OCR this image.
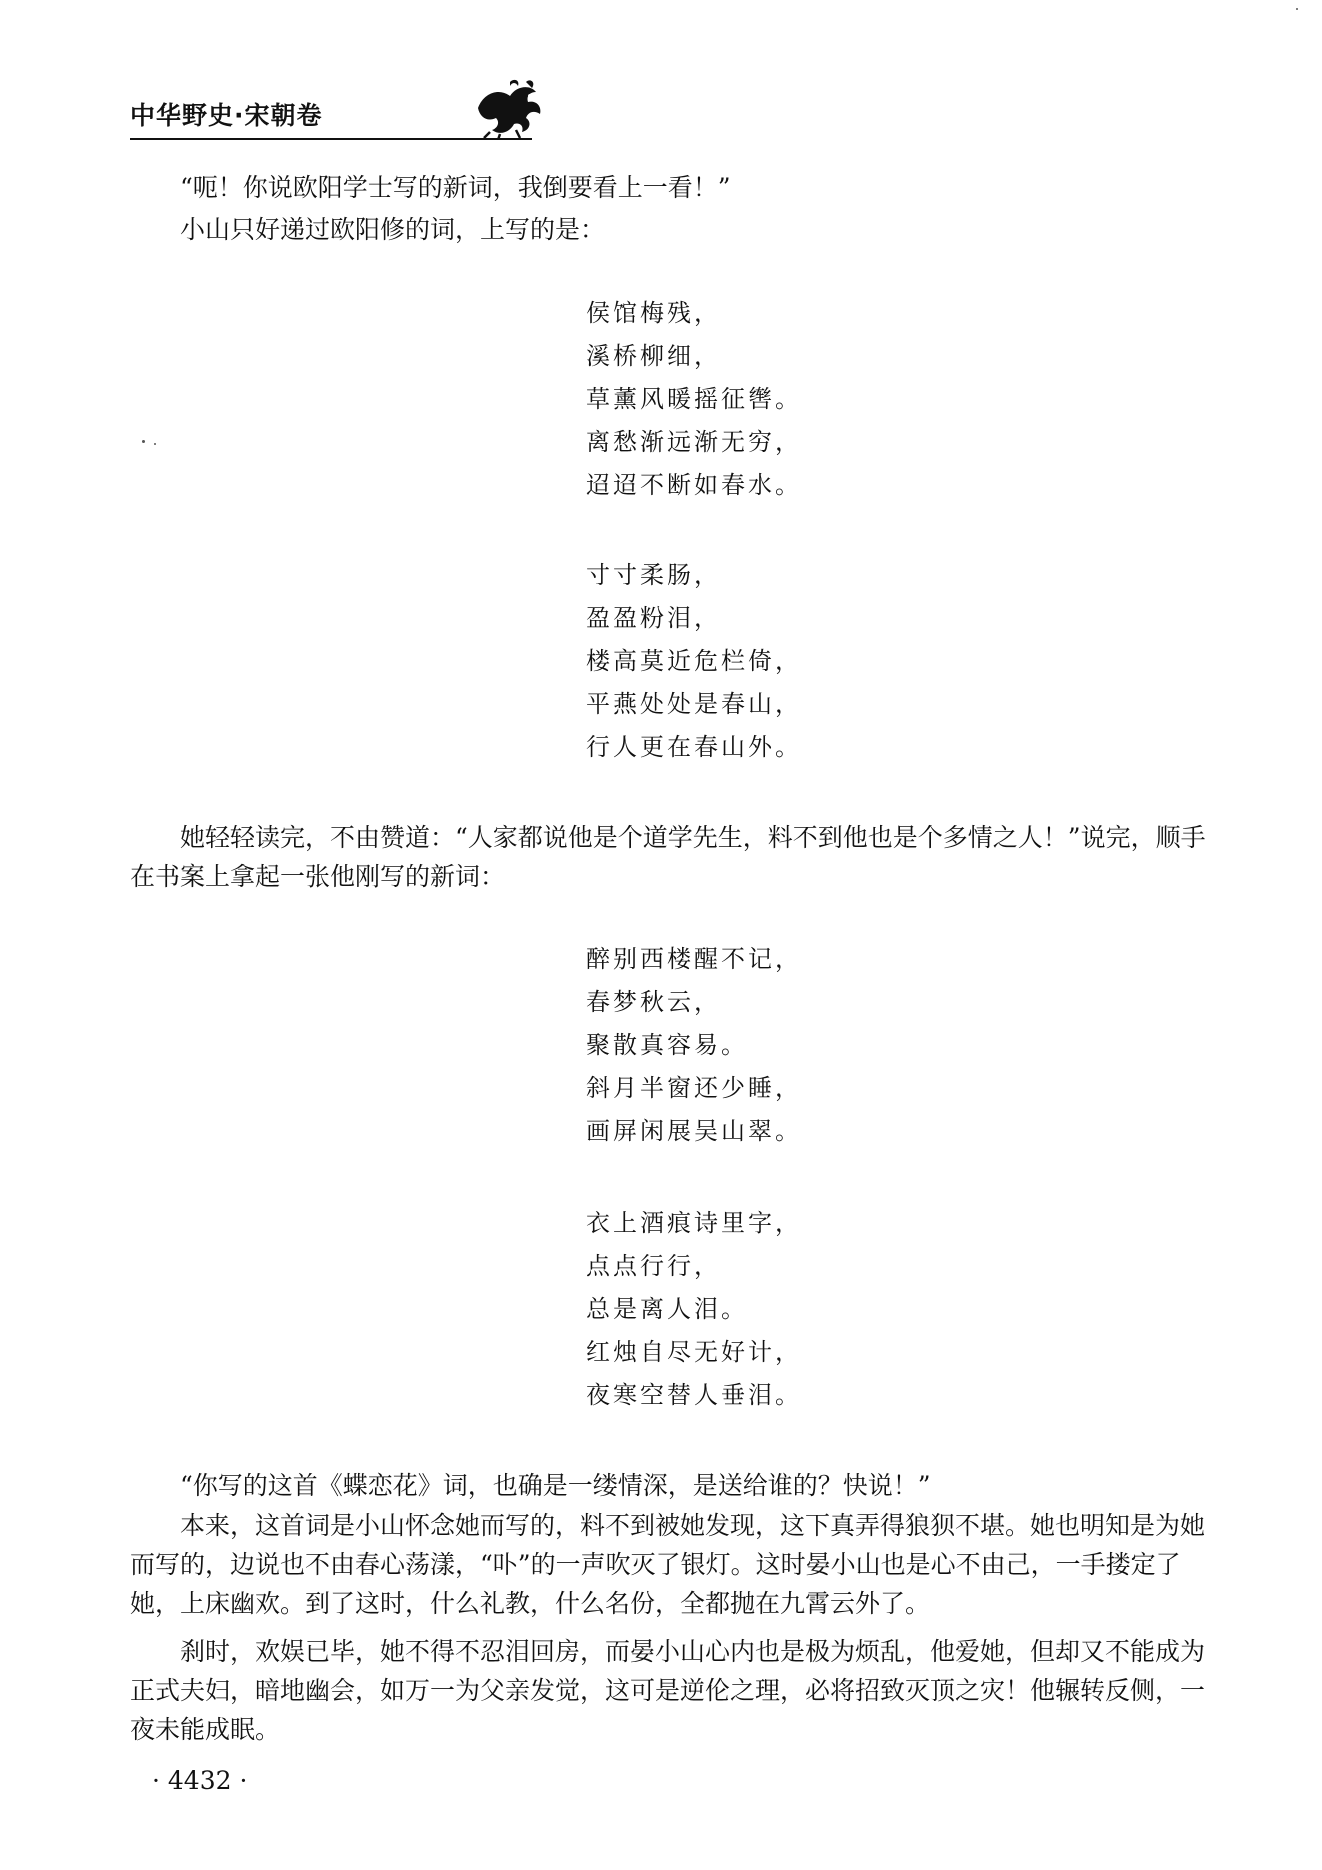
中华野史·宋朝卷

“呃！你说欧阳学士写的新词，我倒要看上一看！”

小山只好递过欧阳修的词，上写的是：

侯馆梅残，
溪桥柳细，
草薰风暖摇征辔。
离愁渐远渐无穷，
迢迢不断如春水。
寸寸柔肠，
盈盈粉泪，
楼高莫近危栏倚，
平燕处处是春山，
行人更在春山外。

她轻轻读完，不由赞道：“人家都说他是个道学先生，料不到他也是个多情之人！”说完，顺手在书案上拿起一张他刚写的新词：

醉别西楼醒不记，
春梦秋云，
聚散真容易。
斜月半窗还少睡，
画屏闲展吴山翠。
衣上酒痕诗里字，
点点行行，
总是离人泪。
红烛自尽无好计，
夜寒空替人垂泪。

“你写的这首《蝶恋花》词，也确是一缕情深，是送给谁的？快说！”

本来，这首词是小山怀念她而写的，料不到被她发现，这下真弄得狼狈不堪。她也明知是为她而写的，边说也不由春心荡漾，“卟”的一声吹灭了银灯。这时晏小山也是心不由己，一手搂定了她，上床幽欢。到了这时，什么礼教，什么名份，全都抛在九霄云外了。

刹时，欢娱已毕，她不得不忍泪回房，而晏小山心内也是极为烦乱，他爱她，但却又不能成为正式夫妇，暗地幽会，如万一为父亲发觉，这可是逆伦之理，必将招致灭顶之灾！他辗转反侧，一夜未能成眠。

· 4432 ·
